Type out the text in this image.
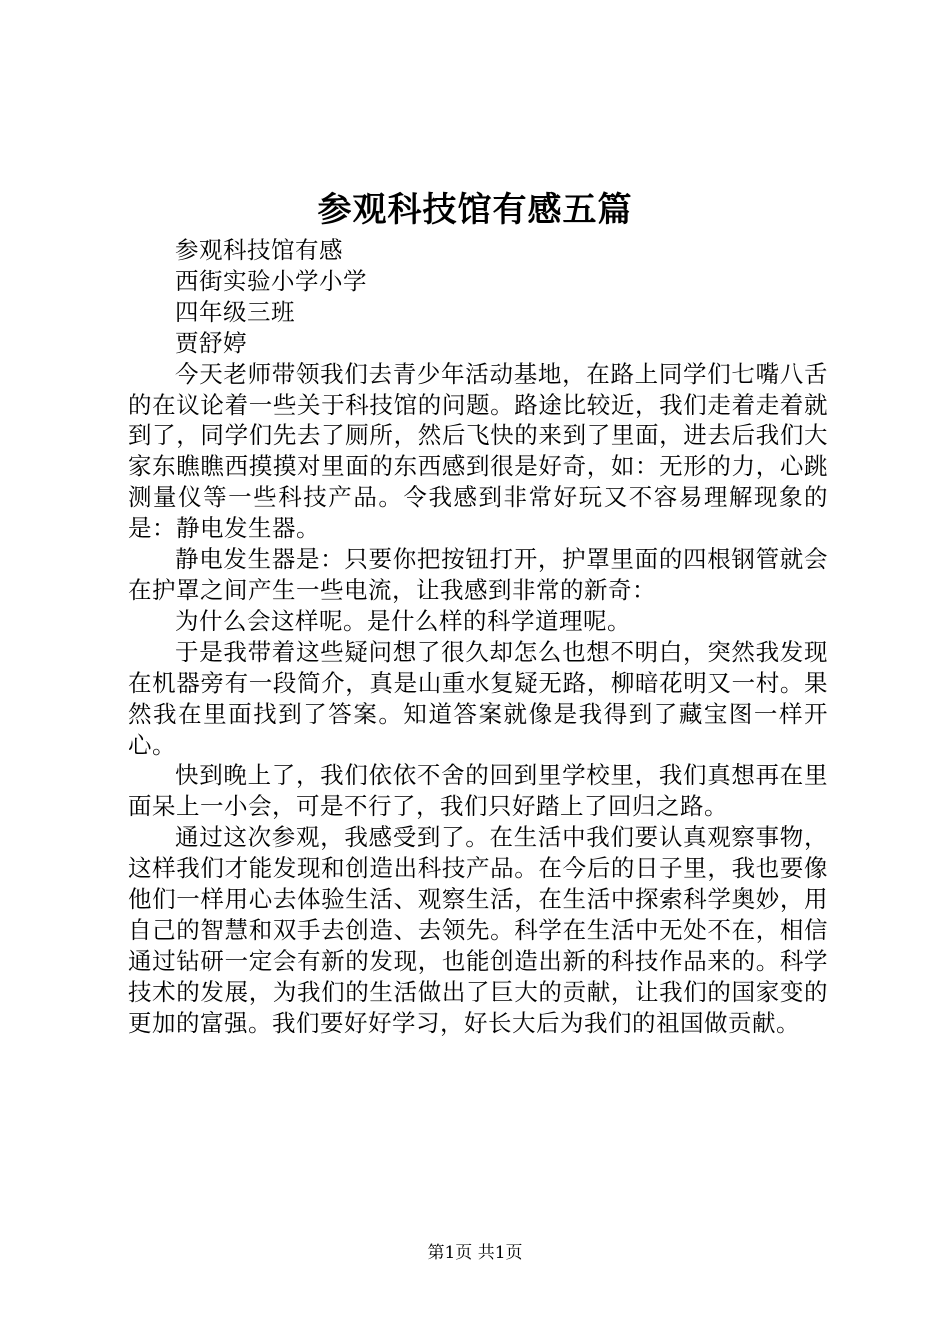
参观科技馆有感五篇

参观科技馆有感

西街实验小学小学

四年级三班

贾舒婷

今天老师带领我们去青少年活动基地，在路上同学们七嘴八舌的在议论着一些关于科技馆的问题。路途比较近，我们走着走着就到了，同学们先去了厕所，然后飞快的来到了里面，进去后我们大家东瞧瞧西摸摸对里面的东西感到很是好奇，如：无形的力，心跳测量仪等一些科技产品。令我感到非常好玩又不容易理解现象的是：静电发生器。

静电发生器是：只要你把按钮打开，护罩里面的四根钢管就会在护罩之间产生一些电流，让我感到非常的新奇：

为什么会这样呢。是什么样的科学道理呢。

于是我带着这些疑问想了很久却怎么也想不明白，突然我发现在机器旁有一段简介，真是山重水复疑无路，柳暗花明又一村。果然我在里面找到了答案。知道答案就像是我得到了藏宝图一样开心。

快到晚上了，我们依依不舍的回到里学校里，我们真想再在里面呆上一小会，可是不行了，我们只好踏上了回归之路。

通过这次参观，我感受到了。在生活中我们要认真观察事物，这样我们才能发现和创造出科技产品。在今后的日子里，我也要像他们一样用心去体验生活、观察生活，在生活中探索科学奥妙，用自己的智慧和双手去创造、去领先。科学在生活中无处不在，相信通过钻研一定会有新的发现，也能创造出新的科技作品来的。科学技术的发展，为我们的生活做出了巨大的贡献，让我们的国家变的更加的富强。我们要好好学习，好长大后为我们的祖国做贡献。

第1页 共1页
